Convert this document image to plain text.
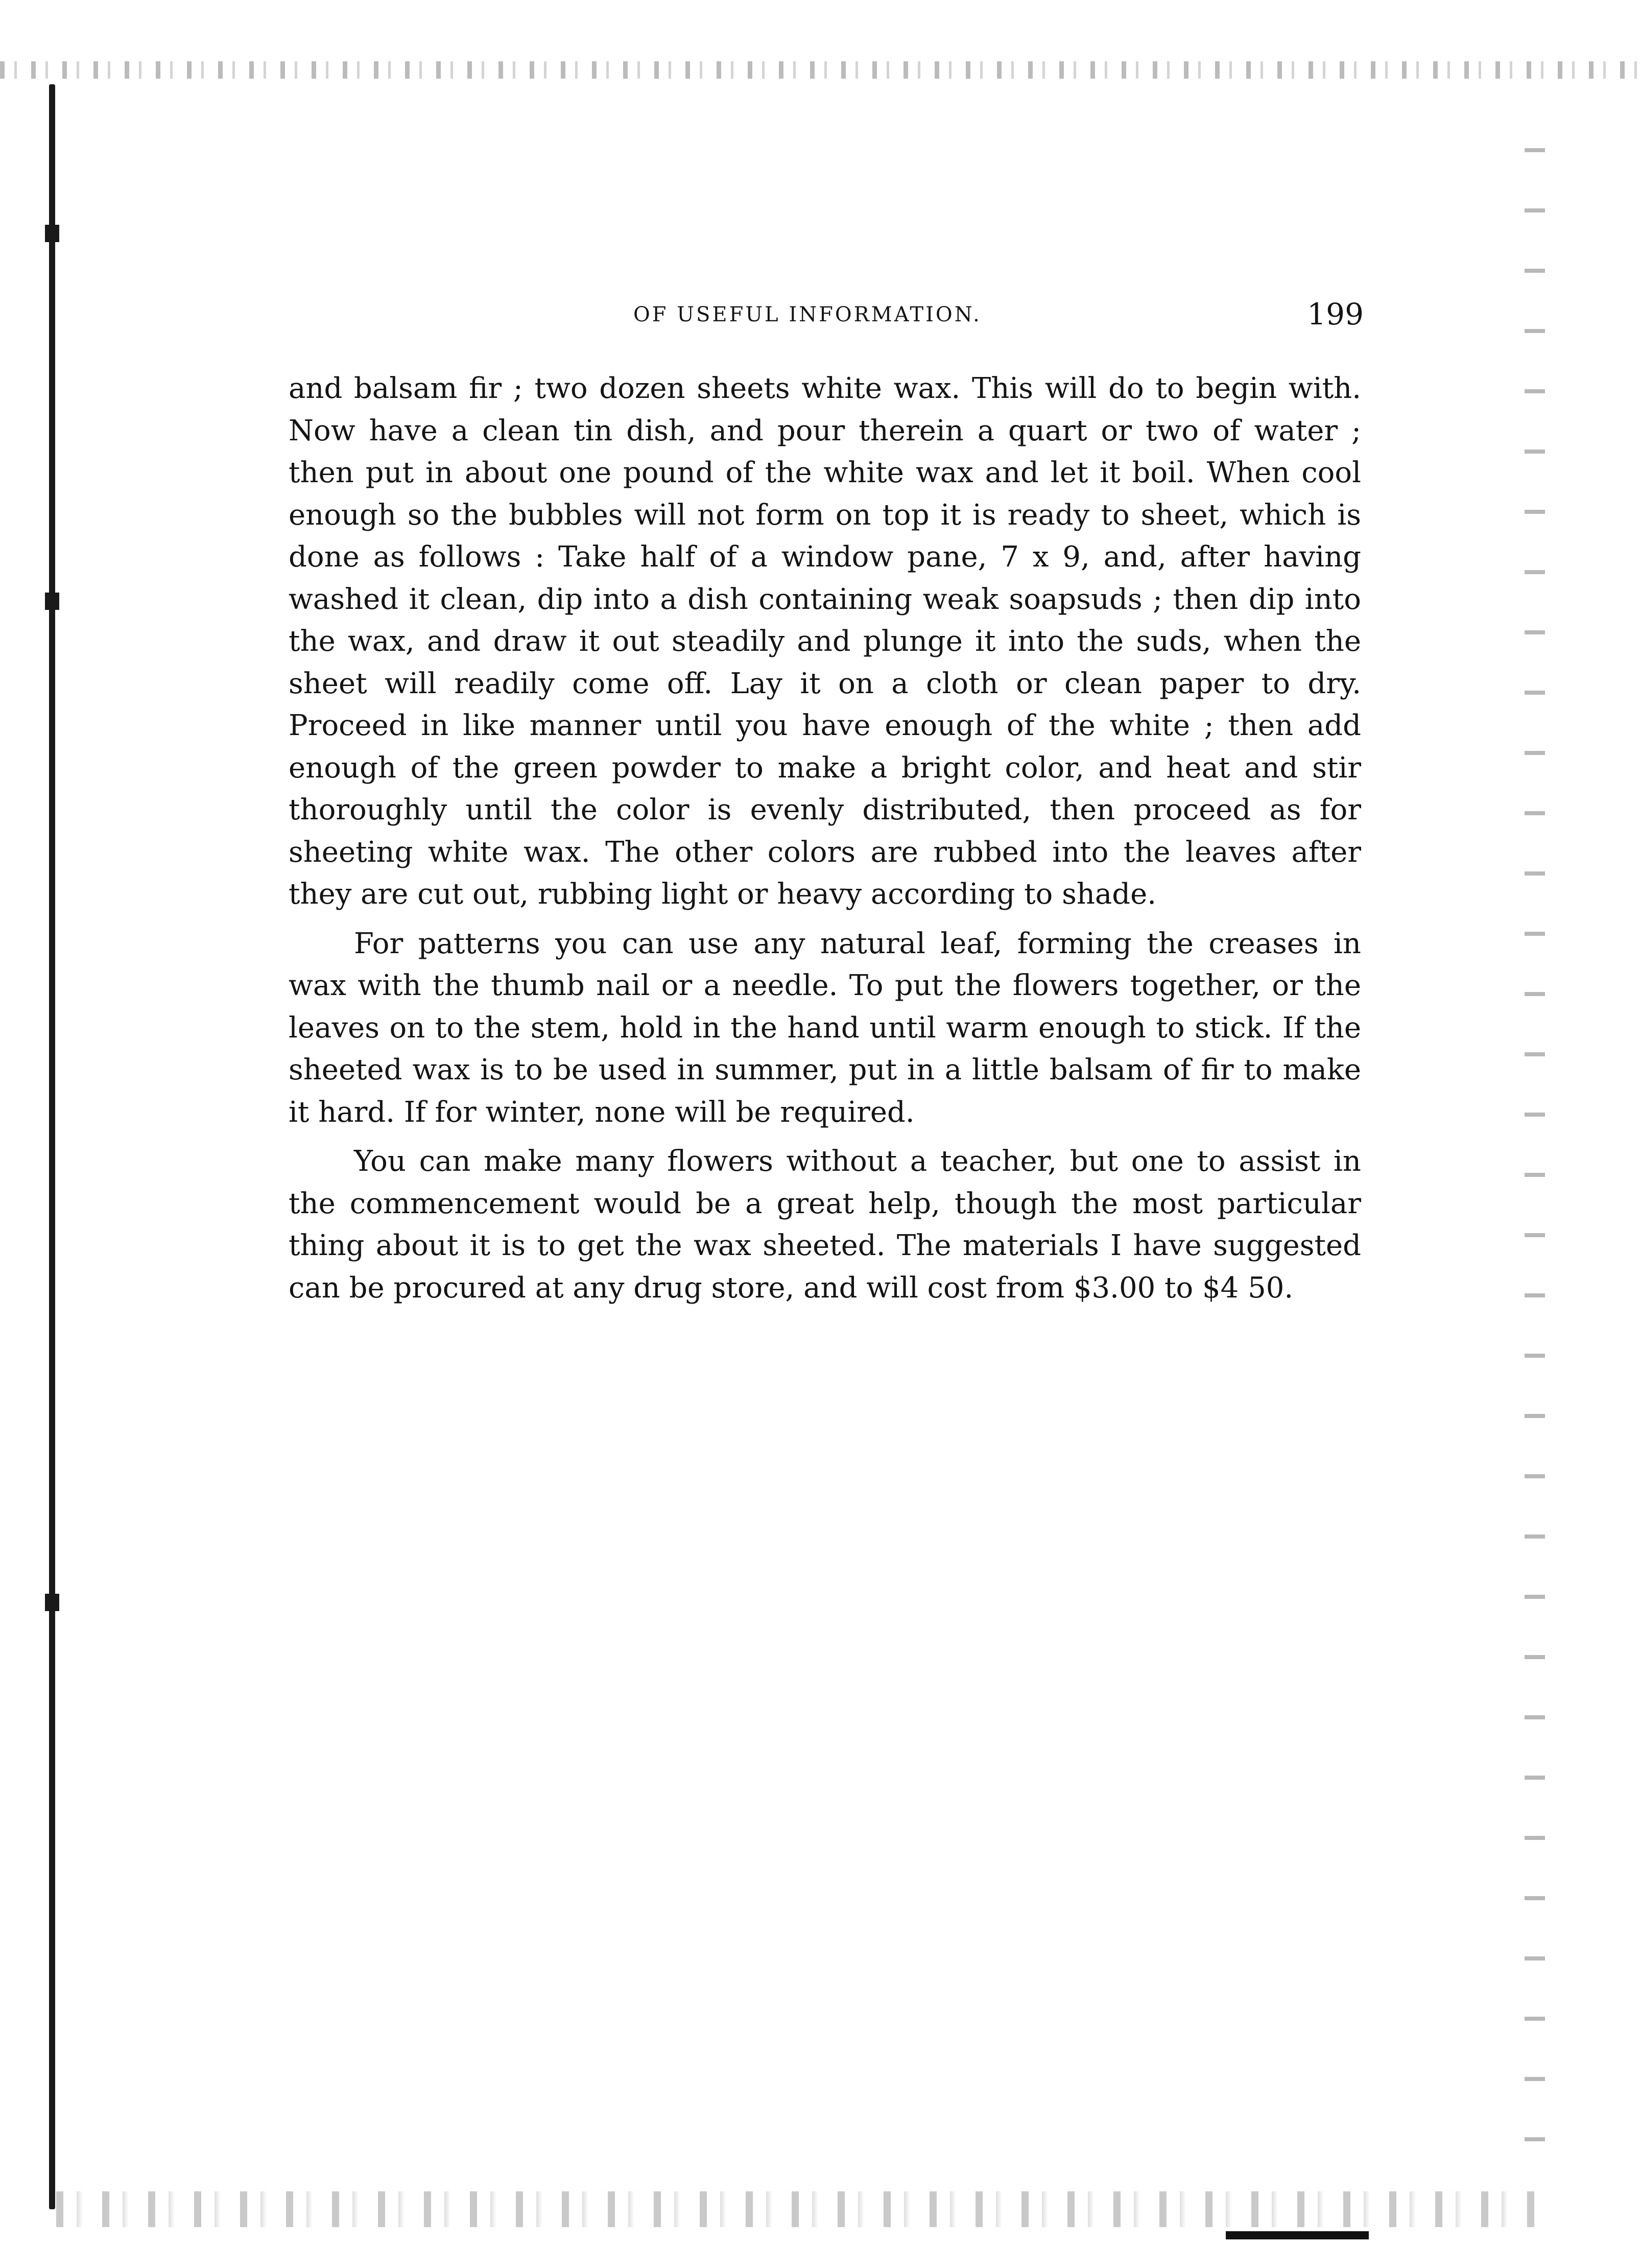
OF USEFUL INFORMATION.	199

and balsam fir ; two dozen sheets white wax. This will do to begin with. Now have a clean tin dish, and pour therein a quart or two of water ; then put in about one pound of the white wax and let it boil. When cool enough so the bubbles will not form on top it is ready to sheet, which is done as follows : Take half of a window pane, 7 x 9, and, after having washed it clean, dip into a dish containing weak soapsuds ; then dip into the wax, and draw it out steadily and plunge it into the suds, when the sheet will readily come off. Lay it on a cloth or clean paper to dry. Proceed in like manner until you have enough of the white ; then add enough of the green powder to make a bright color, and heat and stir thoroughly until the color is evenly distributed, then proceed as for sheeting white wax. The other colors are rubbed into the leaves after they are cut out, rubbing light or heavy according to shade.

For patterns you can use any natural leaf, forming the creases in wax with the thumb nail or a needle. To put the flowers together, or the leaves on to the stem, hold in the hand until warm enough to stick. If the sheeted wax is to be used in summer, put in a little balsam of fir to make it hard. If for winter, none will be required.

You can make many flowers without a teacher, but one to assist in the commencement would be a great help, though the most particular thing about it is to get the wax sheeted. The materials I have suggested can be procured at any drug store, and will cost from $3.00 to $4 50.
